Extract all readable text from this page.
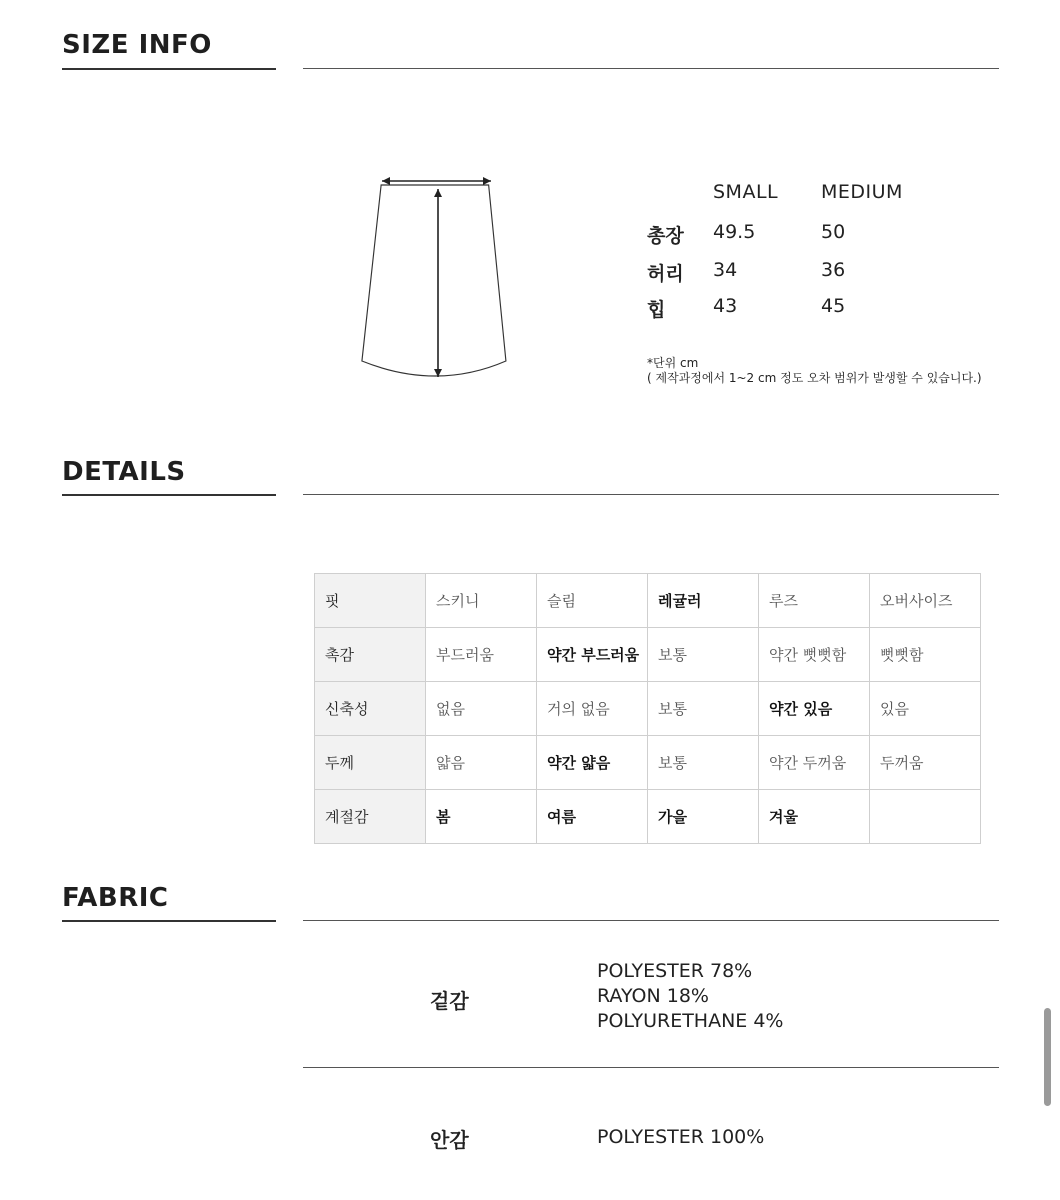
SIZE INFO
SMALL MEDIUM
총장 49.5	50
허리 34	36
힙	43	45
*단위 cm
( 제작과정에서 1~2 cm 정도 오차 범위가 발생할 수 있습니다.)
DETAILS
핏	스키니	슬림	레귤러	루즈	오버사이즈
촉감	부드러움	약간 부드러움	보통	약간 뻣뻣함	뻣뻣함
신축성	없음	거의 없음	보통	약간 있음	있음
두께	얇음	약간 얇음	보통	약간 두꺼움	두꺼움
계절감	봄	여름	가을	겨울	
FABRIC
겉감
POLYESTER 78%
RAYON 18%
POLYURETHANE 4%
안감	POLYESTER 100%
